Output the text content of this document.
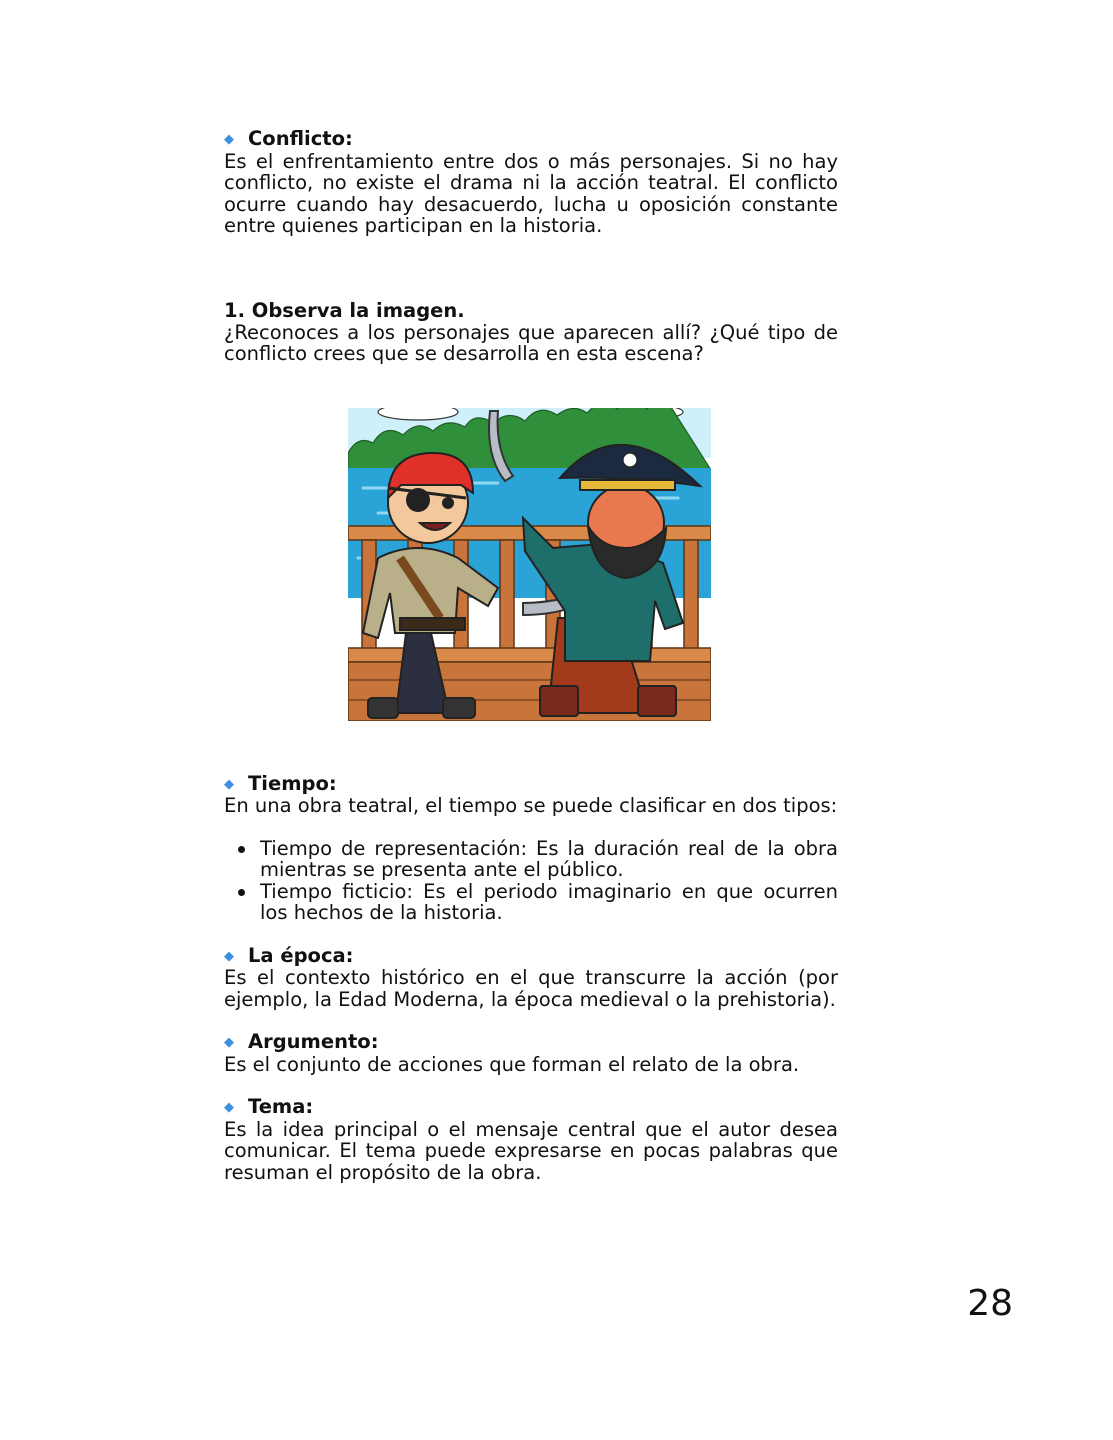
◆ Conflicto:

Es el enfrentamiento entre dos o más personajes. Si no hay conflicto, no existe el drama ni la acción teatral. El conflicto ocurre cuando hay desacuerdo, lucha u oposición constante entre quienes participan en la historia.

1. Observa la imagen.

¿Reconoces a los personajes que aparecen allí? ¿Qué tipo de conflicto crees que se desarrolla en esta escena?

◆ Tiempo:

En una obra teatral, el tiempo se puede clasificar en dos tipos:

Tiempo de representación: Es la duración real de la obra mientras se presenta ante el público.
Tiempo ficticio: Es el periodo imaginario en que ocurren los hechos de la historia.

◆ La época:

Es el contexto histórico en el que transcurre la acción (por ejemplo, la Edad Moderna, la época medieval o la prehistoria).

◆ Argumento:

Es el conjunto de acciones que forman el relato de la obra.

◆ Tema:

Es la idea principal o el mensaje central que el autor desea comunicar. El tema puede expresarse en pocas palabras que resuman el propósito de la obra.

28
